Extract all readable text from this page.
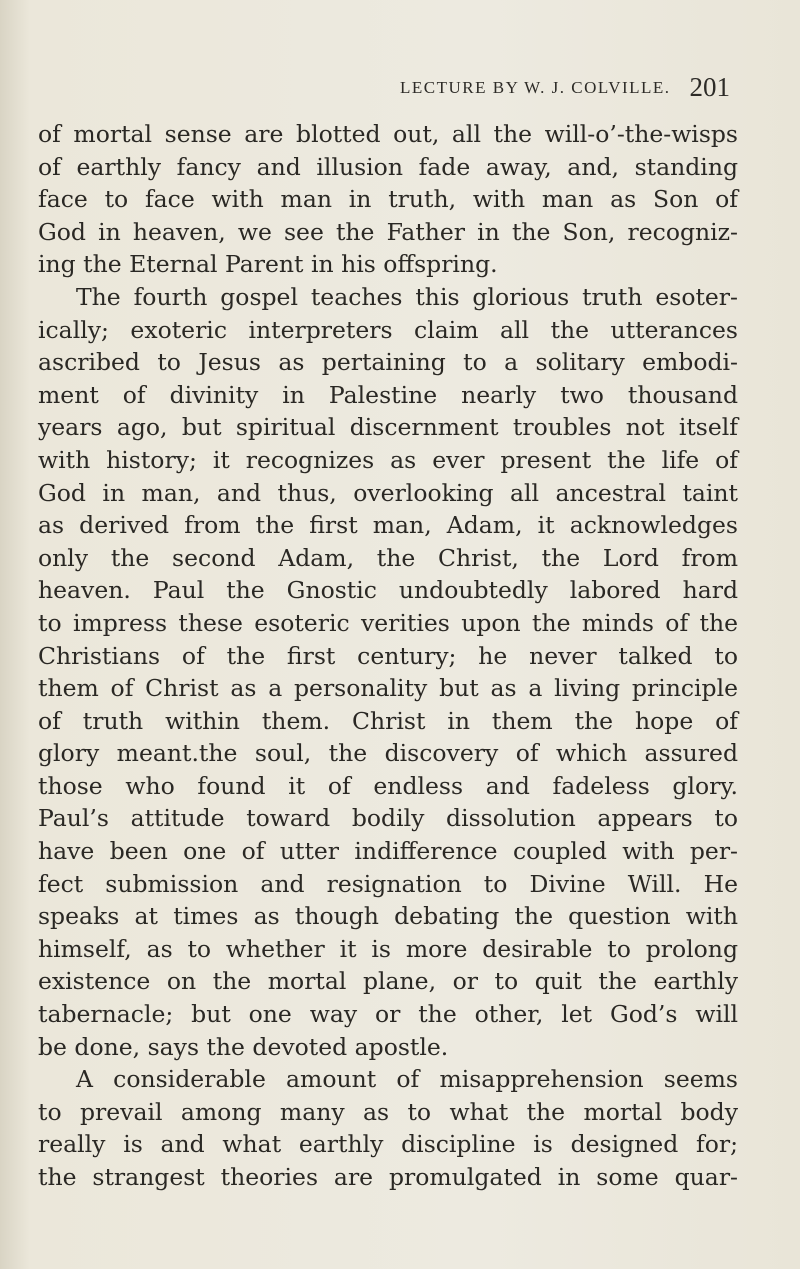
LECTURE BY W. J. COLVILLE. 201
of mortal sense are blotted out, all the will-o’-the-wisps
of earthly fancy and illusion fade away, and, standing
face to face with man in truth, with man as Son of
God in heaven, we see the Father in the Son, recogniz-
ing the Eternal Parent in his offspring.
The fourth gospel teaches this glorious truth esoter-
ically; exoteric interpreters claim all the utterances
ascribed to Jesus as pertaining to a solitary embodi-
ment of divinity in Palestine nearly two thousand
years ago, but spiritual discernment troubles not itself
with history; it recognizes as ever present the life of
God in man, and thus, overlooking all ancestral taint
as derived from the first man, Adam, it acknowledges
only the second Adam, the Christ, the Lord from
heaven. Paul the Gnostic undoubtedly labored hard
to impress these esoteric verities upon the minds of the
Christians of the first century; he never talked to
them of Christ as a personality but as a living principle
of truth within them. Christ in them the hope of
glory meant.the soul, the discovery of which assured
those who found it of endless and fadeless glory.
Paul’s attitude toward bodily dissolution appears to
have been one of utter indifference coupled with per-
fect submission and resignation to Divine Will. He
speaks at times as though debating the question with
himself, as to whether it is more desirable to prolong
existence on the mortal plane, or to quit the earthly
tabernacle; but one way or the other, let God’s will
be done, says the devoted apostle.
A considerable amount of misapprehension seems
to prevail among many as to what the mortal body
really is and what earthly discipline is designed for;
the strangest theories are promulgated in some quar-
